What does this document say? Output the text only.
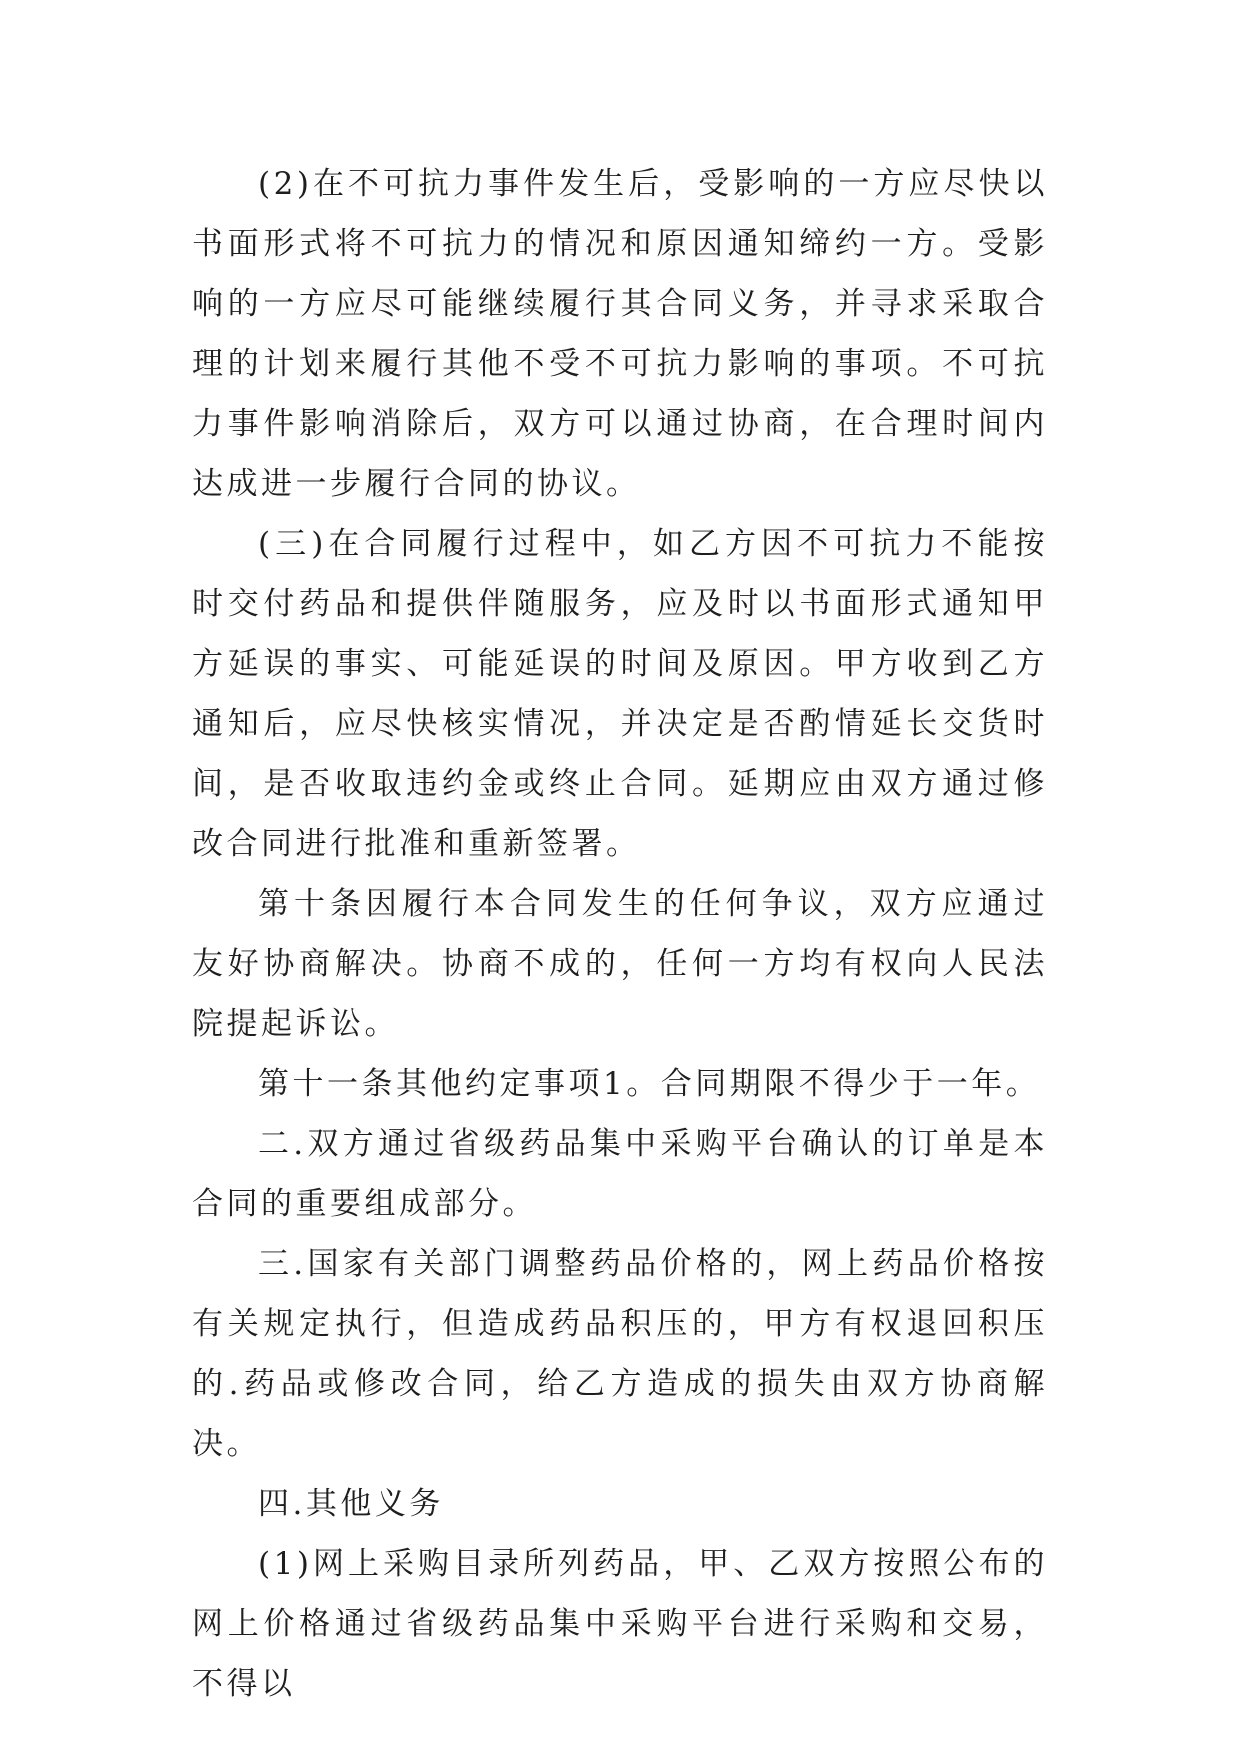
(2)在不可抗力事件发生后，受影响的一方应尽快以书面形式将不可抗力的情况和原因通知缔约一方。受影响的一方应尽可能继续履行其合同义务，并寻求采取合理的计划来履行其他不受不可抗力影响的事项。不可抗力事件影响消除后，双方可以通过协商，在合理时间内达成进一步履行合同的协议。

(三)在合同履行过程中，如乙方因不可抗力不能按时交付药品和提供伴随服务，应及时以书面形式通知甲方延误的事实、可能延误的时间及原因。甲方收到乙方通知后，应尽快核实情况，并决定是否酌情延长交货时间，是否收取违约金或终止合同。延期应由双方通过修改合同进行批准和重新签署。

第十条因履行本合同发生的任何争议，双方应通过友好协商解决。协商不成的，任何一方均有权向人民法院提起诉讼。

第十一条其他约定事项1。合同期限不得少于一年。

二.双方通过省级药品集中采购平台确认的订单是本合同的重要组成部分。

三.国家有关部门调整药品价格的，网上药品价格按有关规定执行，但造成药品积压的，甲方有权退回积压的.药品或修改合同，给乙方造成的损失由双方协商解决。

四.其他义务

(1)网上采购目录所列药品，甲、乙双方按照公布的网上价格通过省级药品集中采购平台进行采购和交易，不得以
